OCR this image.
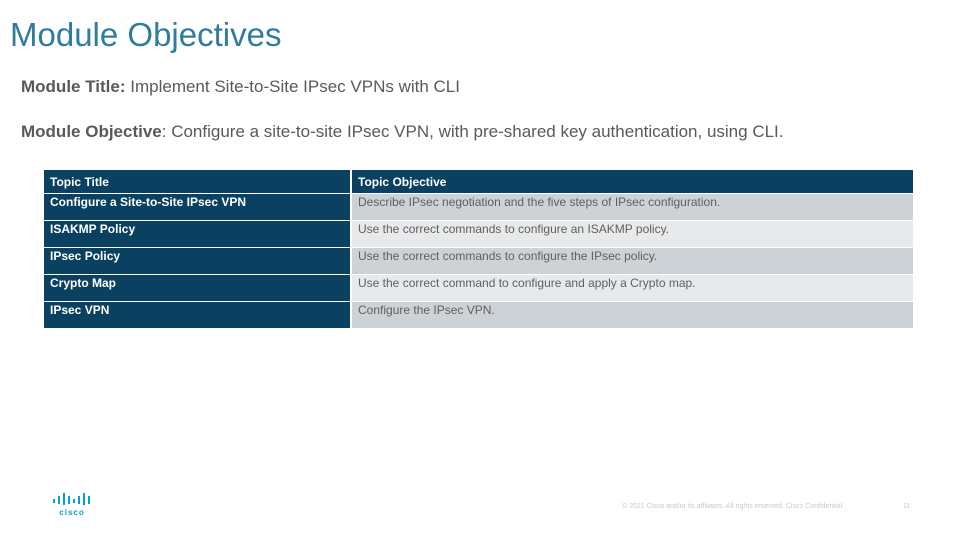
Module Objectives
Module Title: Implement Site-to-Site IPsec VPNs with CLI
Module Objective: Configure a site-to-site IPsec VPN, with pre-shared key authentication, using CLI.
Topic Title	Topic Objective
Configure a Site-to-Site IPsec VPN	Describe IPsec negotiation and the five steps of IPsec configuration.
ISAKMP Policy	Use the correct commands to configure an ISAKMP policy.
IPsec Policy	Use the correct commands to configure the IPsec policy.
Crypto Map	Use the correct command to configure and apply a Crypto map.
IPsec VPN	Configure the IPsec VPN.
cisco
© 2021 Cisco and/or its affiliates. All rights reserved. Cisco Confidential	11
